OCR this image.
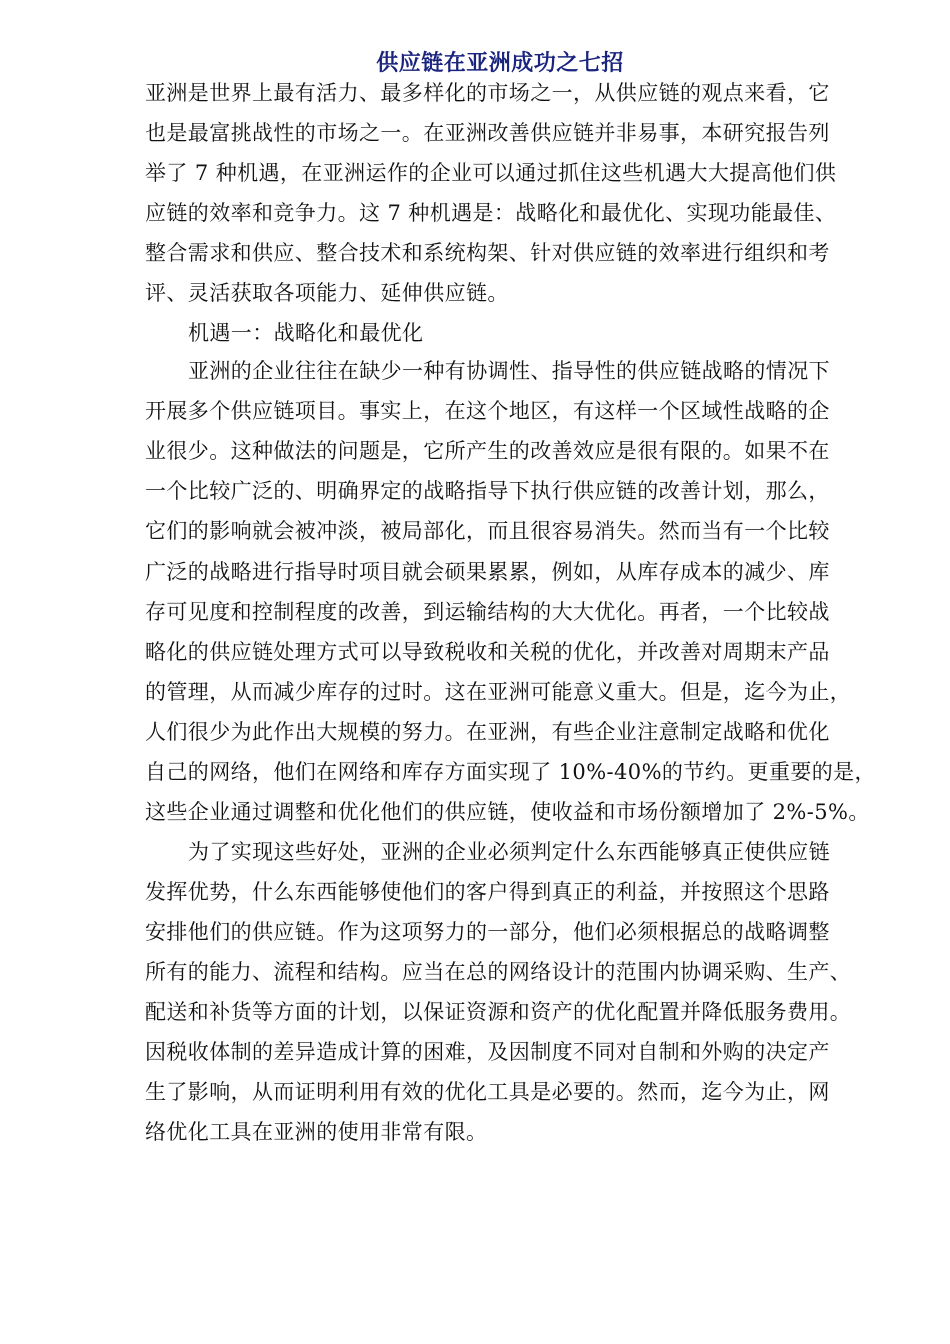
供应链在亚洲成功之七招
亚洲是世界上最有活力、最多样化的市场之一，从供应链的观点来看，它
也是最富挑战性的市场之一。在亚洲改善供应链并非易事，本研究报告列
举了 7 种机遇，在亚洲运作的企业可以通过抓住这些机遇大大提高他们供
应链的效率和竞争力。这 7 种机遇是：战略化和最优化、实现功能最佳、
整合需求和供应、整合技术和系统构架、针对供应链的效率进行组织和考
评、灵活获取各项能力、延伸供应链。
机遇一：战略化和最优化
亚洲的企业往往在缺少一种有协调性、指导性的供应链战略的情况下
开展多个供应链项目。事实上，在这个地区，有这样一个区域性战略的企
业很少。这种做法的问题是，它所产生的改善效应是很有限的。如果不在
一个比较广泛的、明确界定的战略指导下执行供应链的改善计划，那么，
它们的影响就会被冲淡，被局部化，而且很容易消失。然而当有一个比较
广泛的战略进行指导时项目就会硕果累累，例如，从库存成本的减少、库
存可见度和控制程度的改善，到运输结构的大大优化。再者，一个比较战
略化的供应链处理方式可以导致税收和关税的优化，并改善对周期末产品
的管理，从而减少库存的过时。这在亚洲可能意义重大。但是，迄今为止，
人们很少为此作出大规模的努力。在亚洲，有些企业注意制定战略和优化
自己的网络，他们在网络和库存方面实现了 10%-40%的节约。更重要的是，
这些企业通过调整和优化他们的供应链，使收益和市场份额增加了 2%-5%。
为了实现这些好处，亚洲的企业必须判定什么东西能够真正使供应链
发挥优势，什么东西能够使他们的客户得到真正的利益，并按照这个思路
安排他们的供应链。作为这项努力的一部分，他们必须根据总的战略调整
所有的能力、流程和结构。应当在总的网络设计的范围内协调采购、生产、
配送和补货等方面的计划，以保证资源和资产的优化配置并降低服务费用。
因税收体制的差异造成计算的困难，及因制度不同对自制和外购的决定产
生了影响，从而证明利用有效的优化工具是必要的。然而，迄今为止，网
络优化工具在亚洲的使用非常有限。
